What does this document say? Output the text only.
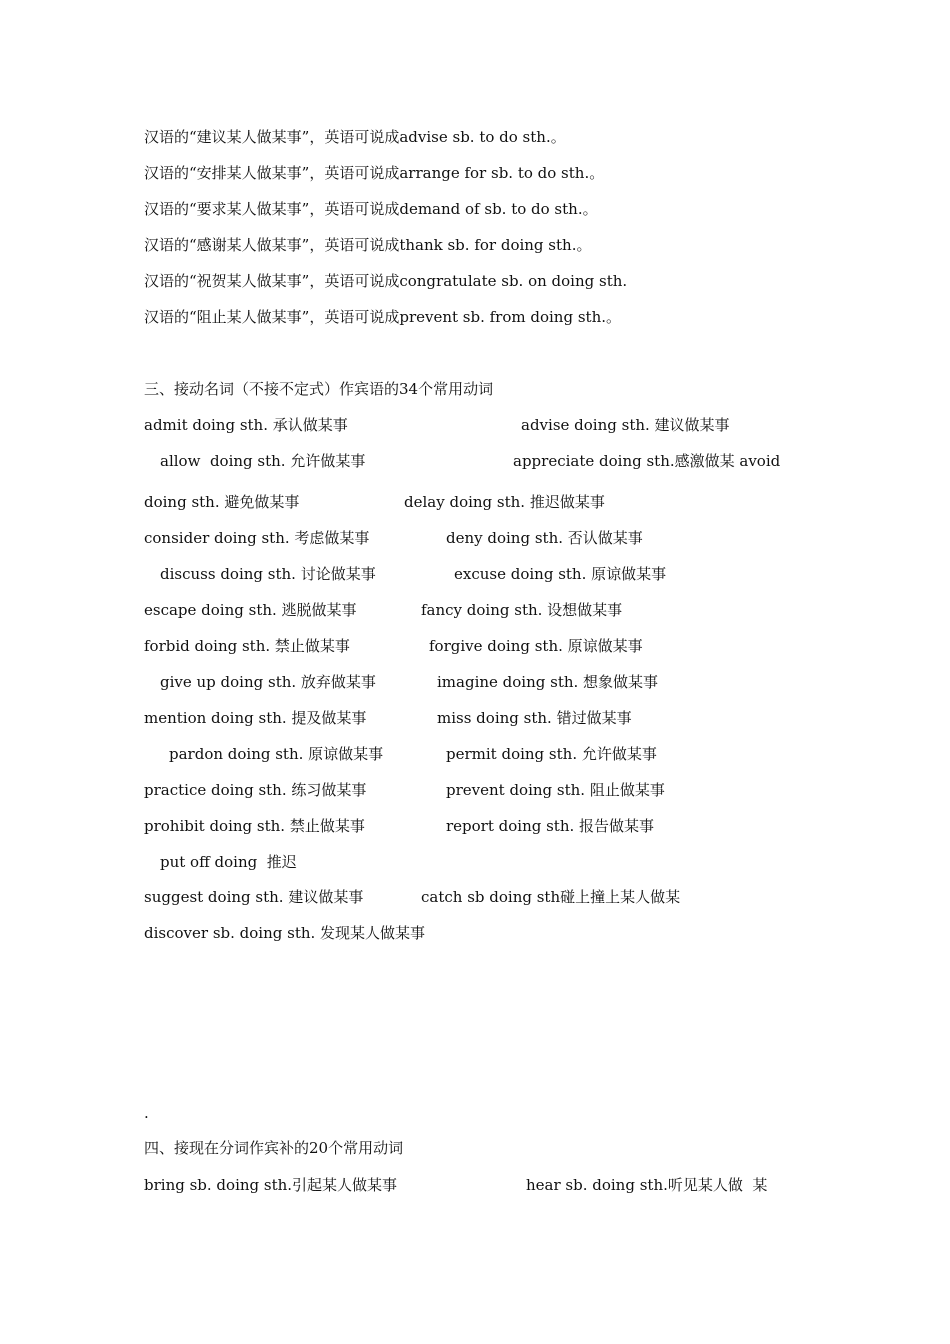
汉语的“建议某人做某事”，英语可说成advise sb. to do sth.。
汉语的“安排某人做某事”，英语可说成arrange for sb. to do sth.。
汉语的“要求某人做某事”，英语可说成demand of sb. to do sth.。
汉语的“感谢某人做某事”，英语可说成thank sb. for doing sth.。
汉语的“祝贺某人做某事”，英语可说成congratulate sb. on doing sth.
汉语的“阻止某人做某事”，英语可说成prevent sb. from doing sth.。
三、接动名词（不接不定式）作宾语的34个常用动词
admit doing sth. 承认做某事	advise doing sth. 建议做某事
allow  doing sth. 允许做某事	appreciate doing sth.感激做某 avoid
doing sth. 避免做某事	delay doing sth. 推迟做某事
consider doing sth. 考虑做某事	deny doing sth. 否认做某事
discuss doing sth. 讨论做某事	excuse doing sth. 原谅做某事
escape doing sth. 逃脱做某事	fancy doing sth. 设想做某事
forbid doing sth. 禁止做某事	forgive doing sth. 原谅做某事
give up doing sth. 放弃做某事	imagine doing sth. 想象做某事
mention doing sth. 提及做某事	miss doing sth. 错过做某事
pardon doing sth. 原谅做某事	permit doing sth. 允许做某事
practice doing sth. 练习做某事	prevent doing sth. 阻止做某事
prohibit doing sth. 禁止做某事	report doing sth. 报告做某事
put off doing  推迟
suggest doing sth. 建议做某事	catch sb doing sth碰上撞上某人做某
discover sb. doing sth. 发现某人做某事
.
四、接现在分词作宾补的20个常用动词
bring sb. doing sth.引起某人做某事	hear sb. doing sth.听见某人做  某
